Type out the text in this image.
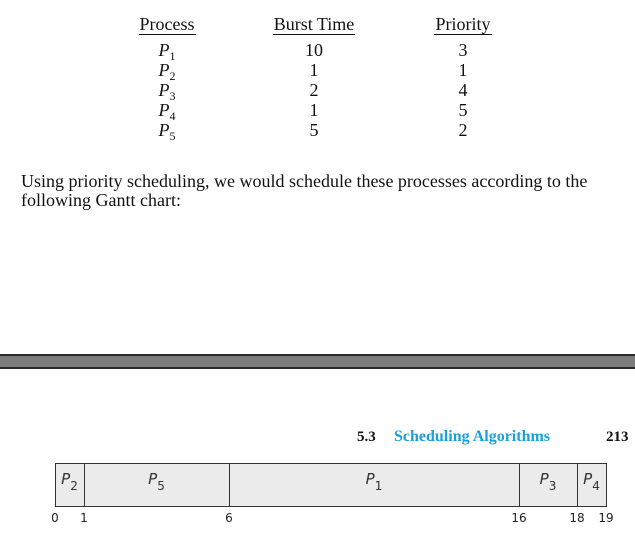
Process	Burst Time	Priority
$P_1$	10	3
$P_2$	1	1
$P_3$	2	4
$P_4$	1	5
$P_5$	5	2

Using priority scheduling, we would schedule these processes according to the following Gantt chart:

5.3 Scheduling Algorithms	213
$P_2$	$P_5$	$P_1$	$P_3$ $P_4$
0 1	6	16	18 19
